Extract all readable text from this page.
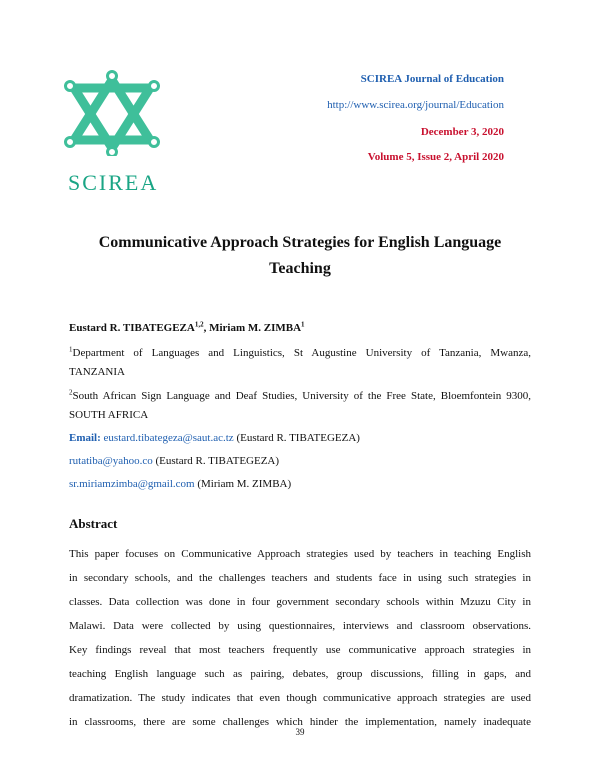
SCIREA
SCIREA Journal of Education
http://www.scirea.org/journal/Education
December 3, 2020
Volume 5, Issue 2, April 2020
Communicative Approach Strategies for English Language
Teaching
Eustard R. TIBATEGEZA$^{1,2}$, Miriam M. ZIMBA$^1$
$^1$Department of Languages and Linguistics, St Augustine University of Tanzania, Mwanza,
TANZANIA
$^2$South African Sign Language and Deaf Studies, University of the Free State, Bloemfontein 9300,
SOUTH AFRICA
Email: eustard.tibategeza@saut.ac.tz (Eustard R. TIBATEGEZA)
rutatiba@yahoo.co (Eustard R. TIBATEGEZA)
sr.miriamzimba@gmail.com (Miriam M. ZIMBA)
Abstract
This paper focuses on Communicative Approach strategies used by teachers in teaching English
in secondary schools, and the challenges teachers and students face in using such strategies in
classes. Data collection was done in four government secondary schools within Mzuzu City in
Malawi. Data were collected by using questionnaires, interviews and classroom observations.
Key findings reveal that most teachers frequently use communicative approach strategies in
teaching English language such as pairing, debates, group discussions, filling in gaps, and
dramatization. The study indicates that even though communicative approach strategies are used
in classrooms, there are some challenges which hinder the implementation, namely inadequate
39
